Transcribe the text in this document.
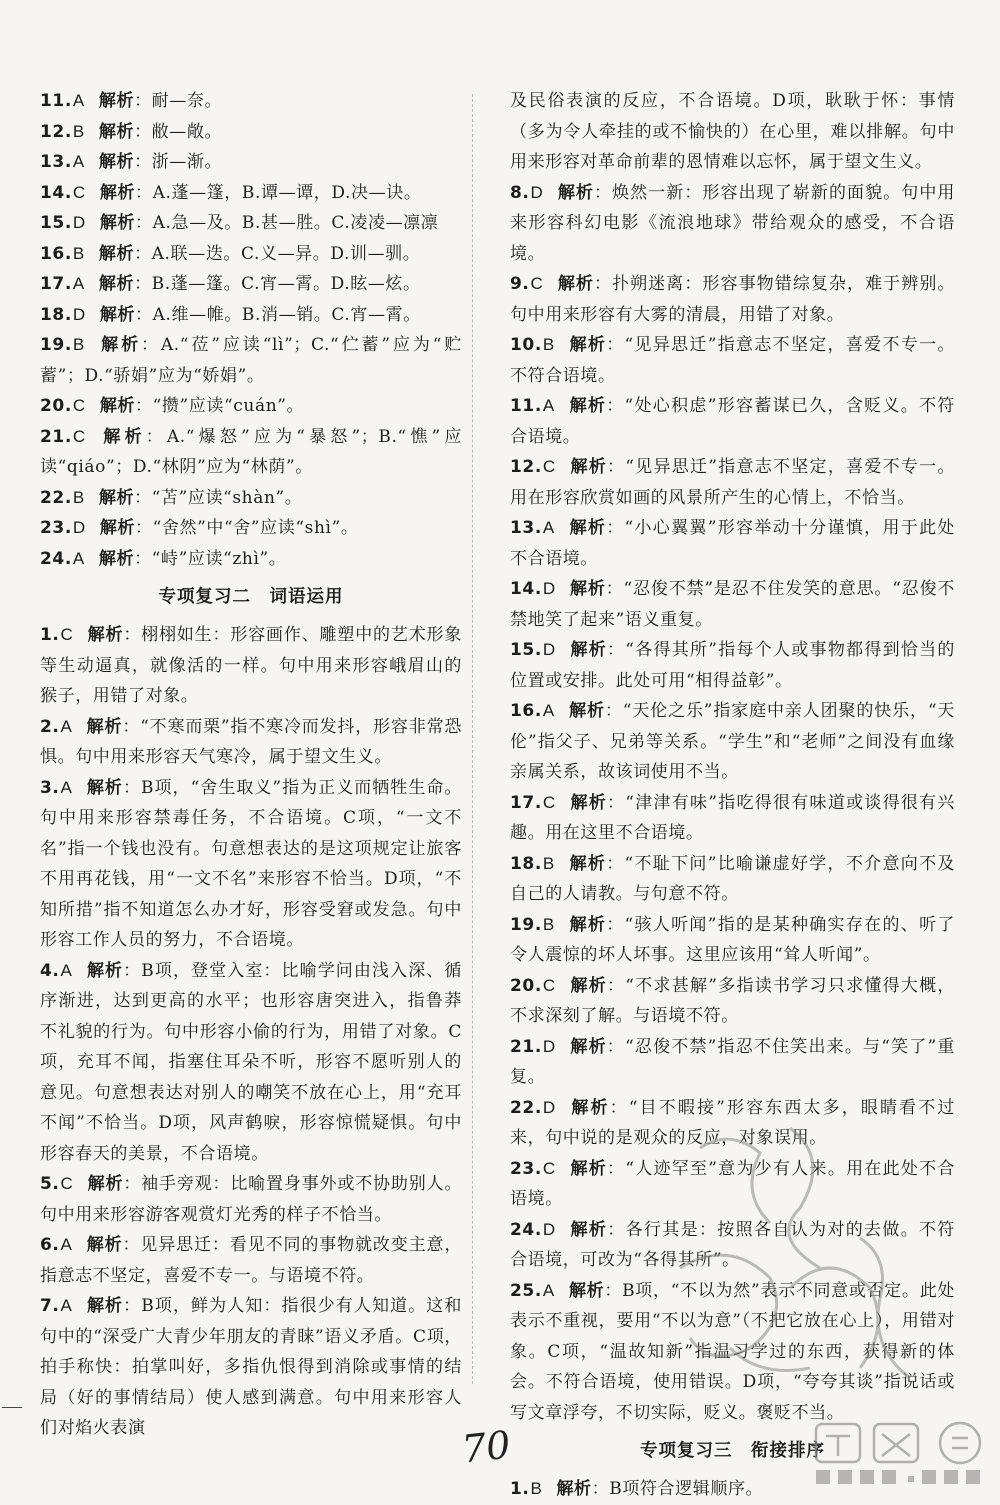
11.A 解析：耐—奈。
12.B 解析：敝—敞。
13.A 解析：浙—渐。
14.C 解析：A.蓬—篷，B.谭—谭，D.决—诀。
15.D 解析：A.急—及。B.甚—胜。C.凌凌—凛凛
16.B 解析：A.联—迭。C.义—异。D.训—驯。
17.A 解析：B.蓬—篷。C.宵—霄。D.眩—炫。
18.D 解析：A.维—帷。B.消—销。C.宵—霄。
19.B 解析：A.“莅”应读“lì”；C.“伫蓄”应为“贮蓄”；D.“骄娟”应为“娇娟”。
20.C 解析：“攒”应读“cuán”。
21.C 解析：A.“爆怒”应为“暴怒”；B.“憔”应读“qiáo”；D.“林阴”应为“林荫”。
22.B 解析：“苫”应读“shàn”。
23.D 解析：“舍然”中“舍”应读“shì”。
24.A 解析：“峙”应读“zhì”。
专项复习二　词语运用
1.C 解析：栩栩如生：形容画作、雕塑中的艺术形象等生动逼真，就像活的一样。句中用来形容峨眉山的猴子，用错了对象。
2.A 解析：“不寒而栗”指不寒冷而发抖，形容非常恐惧。句中用来形容天气寒冷，属于望文生义。
3.A 解析：B项，“舍生取义”指为正义而牺牲生命。句中用来形容禁毒任务，不合语境。C项，“一文不名”指一个钱也没有。句意想表达的是这项规定让旅客不用再花钱，用“一文不名”来形容不恰当。D项，“不知所措”指不知道怎么办才好，形容受窘或发急。句中形容工作人员的努力，不合语境。
4.A 解析：B项，登堂入室：比喻学问由浅入深、循序渐进，达到更高的水平；也形容唐突进入，指鲁莽不礼貌的行为。句中形容小偷的行为，用错了对象。C项，充耳不闻，指塞住耳朵不听，形容不愿听别人的意见。句意想表达对别人的嘲笑不放在心上，用“充耳不闻”不恰当。D项，风声鹤唳，形容惊慌疑惧。句中形容春天的美景，不合语境。
5.C 解析：袖手旁观：比喻置身事外或不协助别人。句中用来形容游客观赏灯光秀的样子不恰当。
6.A 解析：见异思迁：看见不同的事物就改变主意，指意志不坚定，喜爱不专一。与语境不符。
7.A 解析：B项，鲜为人知：指很少有人知道。这和句中的“深受广大青少年朋友的青睐”语义矛盾。C项，拍手称快：拍掌叫好，多指仇恨得到消除或事情的结局（好的事情结局）使人感到满意。句中用来形容人们对焰火表演
及民俗表演的反应，不合语境。D项，耿耿于怀：事情（多为令人牵挂的或不愉快的）在心里，难以排解。句中用来形容对革命前辈的恩情难以忘怀，属于望文生义。
8.D 解析：焕然一新：形容出现了崭新的面貌。句中用来形容科幻电影《流浪地球》带给观众的感受，不合语境。
9.C 解析：扑朔迷离：形容事物错综复杂，难于辨别。句中用来形容有大雾的清晨，用错了对象。
10.B 解析：“见异思迁”指意志不坚定，喜爱不专一。不符合语境。
11.A 解析：“处心积虑”形容蓄谋已久，含贬义。不符合语境。
12.C 解析：“见异思迁”指意志不坚定，喜爱不专一。用在形容欣赏如画的风景所产生的心情上，不恰当。
13.A 解析：“小心翼翼”形容举动十分谨慎，用于此处不合语境。
14.D 解析：“忍俊不禁”是忍不住发笑的意思。“忍俊不禁地笑了起来”语义重复。
15.D 解析：“各得其所”指每个人或事物都得到恰当的位置或安排。此处可用“相得益彰”。
16.A 解析：“天伦之乐”指家庭中亲人团聚的快乐，“天伦”指父子、兄弟等关系。“学生”和“老师”之间没有血缘亲属关系，故该词使用不当。
17.C 解析：“津津有味”指吃得很有味道或谈得很有兴趣。用在这里不合语境。
18.B 解析：“不耻下问”比喻谦虚好学，不介意向不及自己的人请教。与句意不符。
19.B 解析：“骇人听闻”指的是某种确实存在的、听了令人震惊的坏人坏事。这里应该用“耸人听闻”。
20.C 解析：“不求甚解”多指读书学习只求懂得大概，不求深刻了解。与语境不符。
21.D 解析：“忍俊不禁”指忍不住笑出来。与“笑了”重复。
22.D 解析：“目不暇接”形容东西太多，眼睛看不过来，句中说的是观众的反应，对象误用。
23.C 解析：“人迹罕至”意为少有人来。用在此处不合语境。
24.D 解析：各行其是：按照各自认为对的去做。不符合语境，可改为“各得其所”。
25.A 解析：B项，“不以为然”表示不同意或否定。此处表示不重视，要用“不以为意”（不把它放在心上），用错对象。C项，“温故知新”指温习学过的东西，获得新的体会。不符合语境，使用错误。D项，“夸夸其谈”指说话或写文章浮夸，不切实际，贬义。褒贬不当。
专项复习三　衔接排序
1.B 解析：B项符合逻辑顺序。
70
